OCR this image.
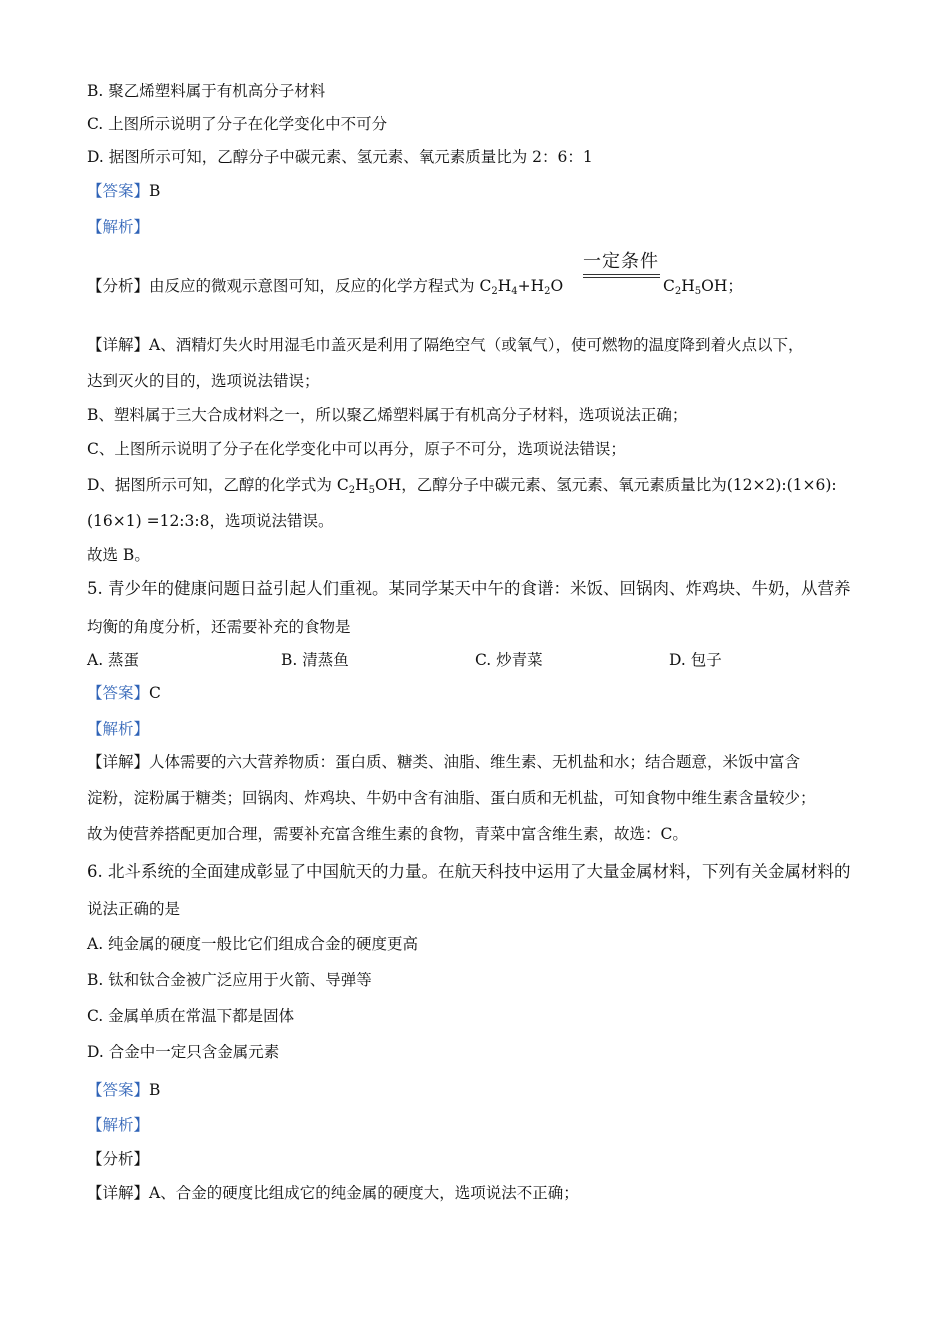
B. 聚乙烯塑料属于有机高分子材料
C. 上图所示说明了分子在化学变化中不可分
D. 据图所示可知，乙醇分子中碳元素、氢元素、氧元素质量比为 2：6：1
【答案】B
【解析】
一定条件
【分析】由反应的微观示意图可知，反应的化学方程式为 $C_2H_4+H_2O$	$C_2H_5OH$；
【详解】A、酒精灯失火时用湿毛巾盖灭是利用了隔绝空气（或氧气），使可燃物的温度降到着火点以下，
达到灭火的目的，选项说法错误；
B、塑料属于三大合成材料之一，所以聚乙烯塑料属于有机高分子材料，选项说法正确；
C、上图所示说明了分子在化学变化中可以再分，原子不可分，选项说法错误；
D、据图所示可知，乙醇的化学式为 $C_2H_5OH$，乙醇分子中碳元素、氢元素、氧元素质量比为(12×2):(1×6):
(16×1) =12:3:8，选项说法错误。
故选 B。
5. 青少年的健康问题日益引起人们重视。某同学某天中午的食谱：米饭、回锅肉、炸鸡块、牛奶，从营养
均衡的角度分析，还需要补充的食物是
A. 蒸蛋	B. 清蒸鱼	C. 炒青菜	D. 包子
【答案】C
【解析】
【详解】人体需要的六大营养物质：蛋白质、糖类、油脂、维生素、无机盐和水；结合题意，米饭中富含
淀粉，淀粉属于糖类；回锅肉、炸鸡块、牛奶中含有油脂、蛋白质和无机盐，可知食物中维生素含量较少；
故为使营养搭配更加合理，需要补充富含维生素的食物，青菜中富含维生素，故选：C。
6. 北斗系统的全面建成彰显了中国航天的力量。在航天科技中运用了大量金属材料，下列有关金属材料的
说法正确的是
A. 纯金属的硬度一般比它们组成合金的硬度更高
B. 钛和钛合金被广泛应用于火箭、导弹等
C. 金属单质在常温下都是固体
D. 合金中一定只含金属元素
【答案】B
【解析】
【分析】
【详解】A、合金的硬度比组成它的纯金属的硬度大，选项说法不正确；
